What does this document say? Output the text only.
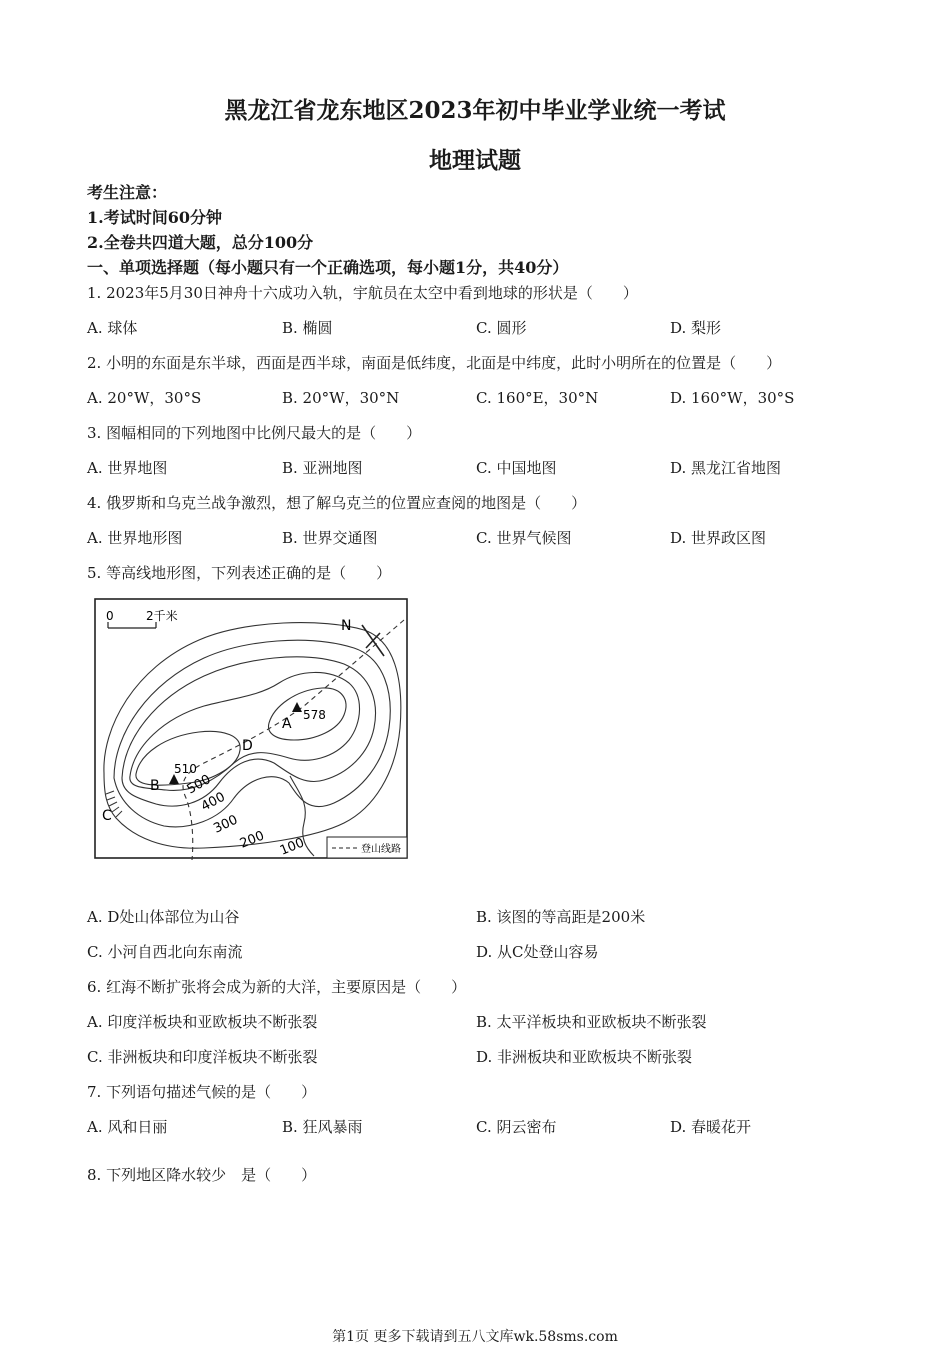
黑龙江省龙东地区2023年初中毕业学业统一考试
地理试题
考生注意：
1.考试时间60分钟
2.全卷共四道大题，总分100分
一、单项选择题（每小题只有一个正确选项，每小题1分，共40分）
1. 2023年5月30日神舟十六成功入轨，宇航员在太空中看到地球的形状是（　　）
A. 球体	B. 椭圆	C. 圆形	D. 梨形
2. 小明的东面是东半球，西面是西半球，南面是低纬度，北面是中纬度，此时小明所在的位置是（　　）
A. 20°W，30°S	B. 20°W，30°N	C. 160°E，30°N	D. 160°W，30°S
3. 图幅相同的下列地图中比例尺最大的是（　　）
A. 世界地图	B. 亚洲地图	C. 中国地图	D. 黑龙江省地图
4. 俄罗斯和乌克兰战争激烈，想了解乌克兰的位置应查阅的地图是（　　）
A. 世界地形图	B. 世界交通图	C. 世界气候图	D. 世界政区图
5. 等高线地形图，下列表述正确的是（　　）
0	2千米
N
A
578
B
510
C
D
500
400
300
200 100	登山线路
A. D处山体部位为山谷	B. 该图的等高距是200米
C. 小河自西北向东南流	D. 从C处登山容易
6. 红海不断扩张将会成为新的大洋，主要原因是（　　）
A. 印度洋板块和亚欧板块不断张裂	B. 太平洋板块和亚欧板块不断张裂
C. 非洲板块和印度洋板块不断张裂	D. 非洲板块和亚欧板块不断张裂
7. 下列语句描述气候的是（　　）
A. 风和日丽	B. 狂风暴雨	C. 阴云密布	D. 春暖花开
8. 下列地区降水较少　是（　　）
第1页 更多下载请到五八文库wk.58sms.com
